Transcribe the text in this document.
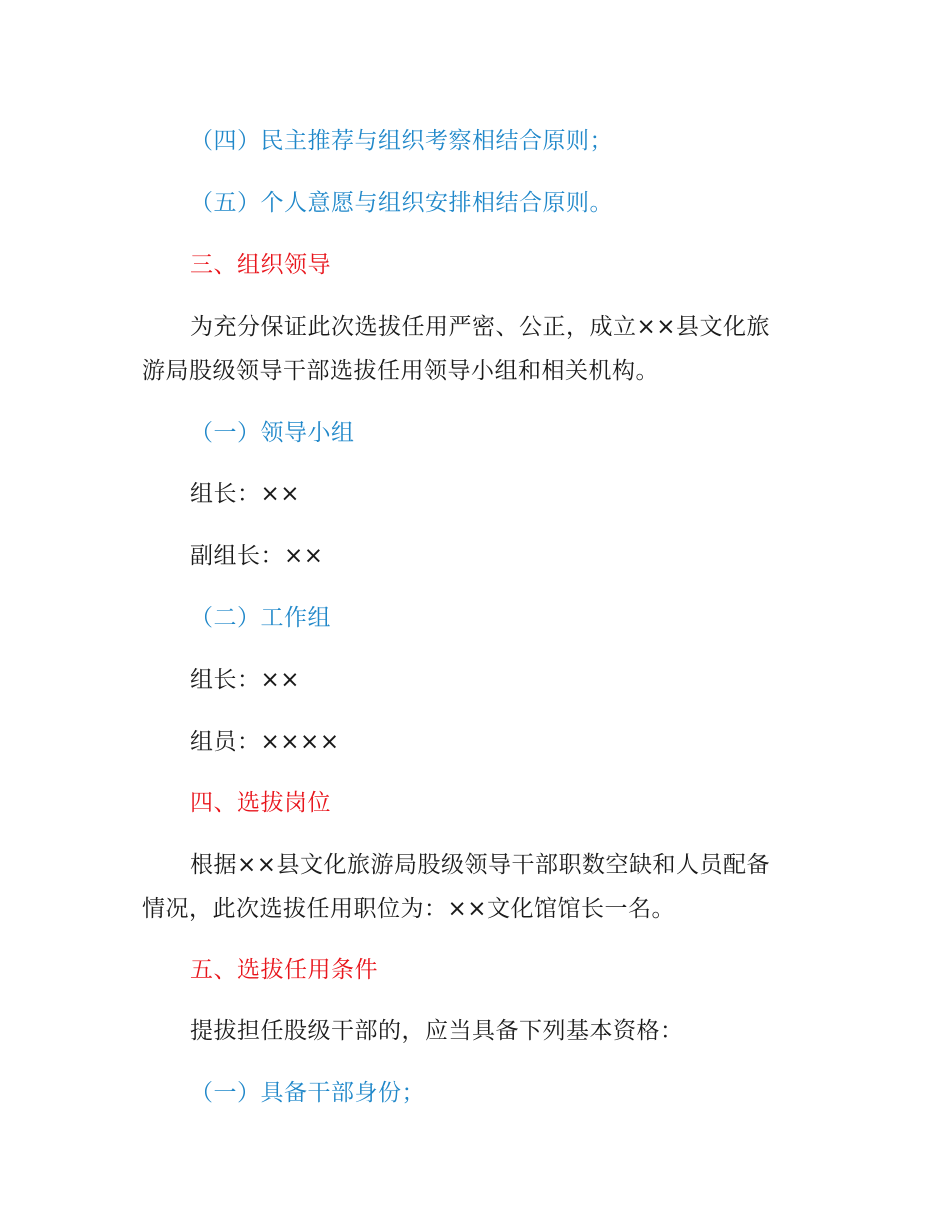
（四）民主推荐与组织考察相结合原则；
（五）个人意愿与组织安排相结合原则。
三、组织领导
为充分保证此次选拔任用严密、公正，成立××县文化旅
游局股级领导干部选拔任用领导小组和相关机构。
（一）领导小组
组长：××
副组长：××
（二）工作组
组长：××
组员：××××
四、选拔岗位
根据××县文化旅游局股级领导干部职数空缺和人员配备
情况，此次选拔任用职位为：××文化馆馆长一名。
五、选拔任用条件
提拔担任股级干部的，应当具备下列基本资格：
（一）具备干部身份；
